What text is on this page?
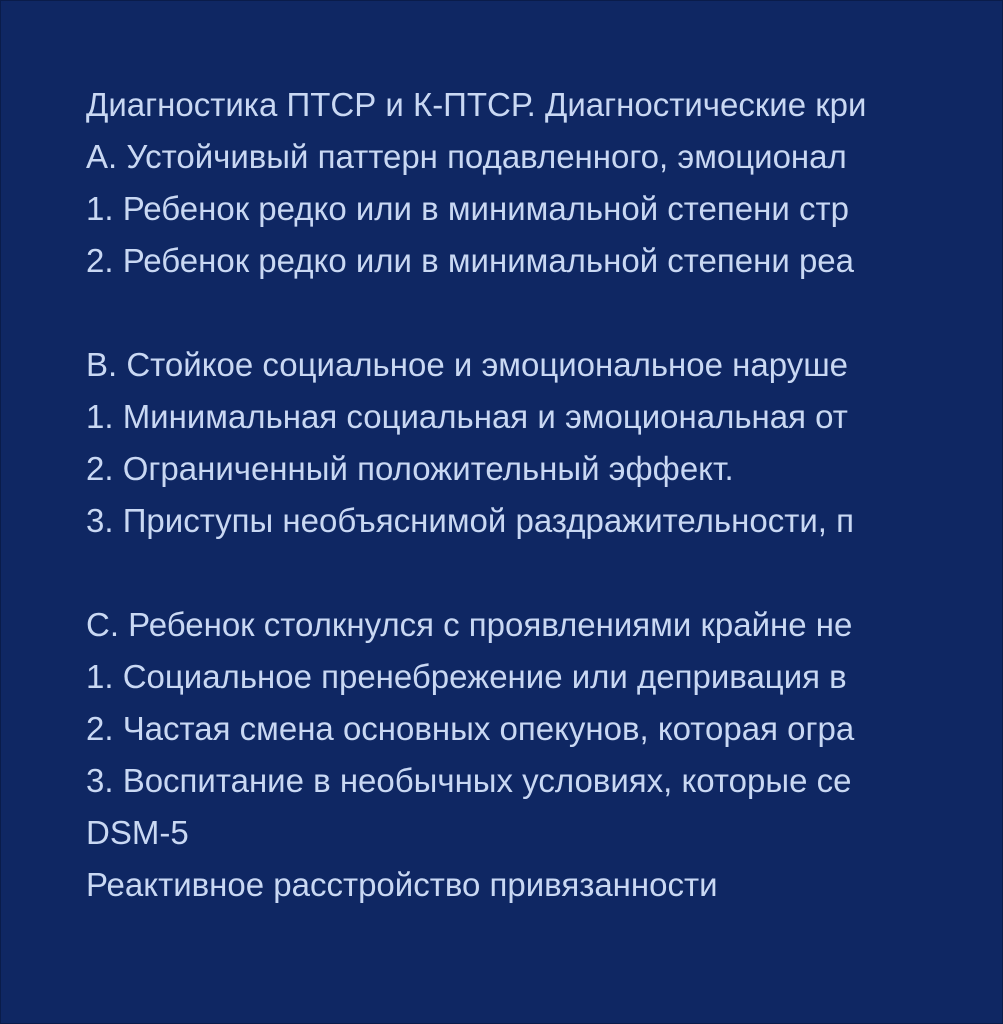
Диагностика ПТСР и К-ПТСР. Диагностические кри
A. Устойчивый паттерн подавленного, эмоционал
1. Ребенок редко или в минимальной степени стр
2. Ребенок редко или в минимальной степени реа
B. Стойкое социальное и эмоциональное наруше
1. Минимальная социальная и эмоциональная от
2. Ограниченный положительный эффект.
3. Приступы необъяснимой раздражительности, п
C. Ребенок столкнулся с проявлениями крайне не
1. Социальное пренебрежение или депривация в
2. Частая смена основных опекунов, которая огра
3. Воспитание в необычных условиях, которые се
DSM-5
Реактивное расстройство привязанности
